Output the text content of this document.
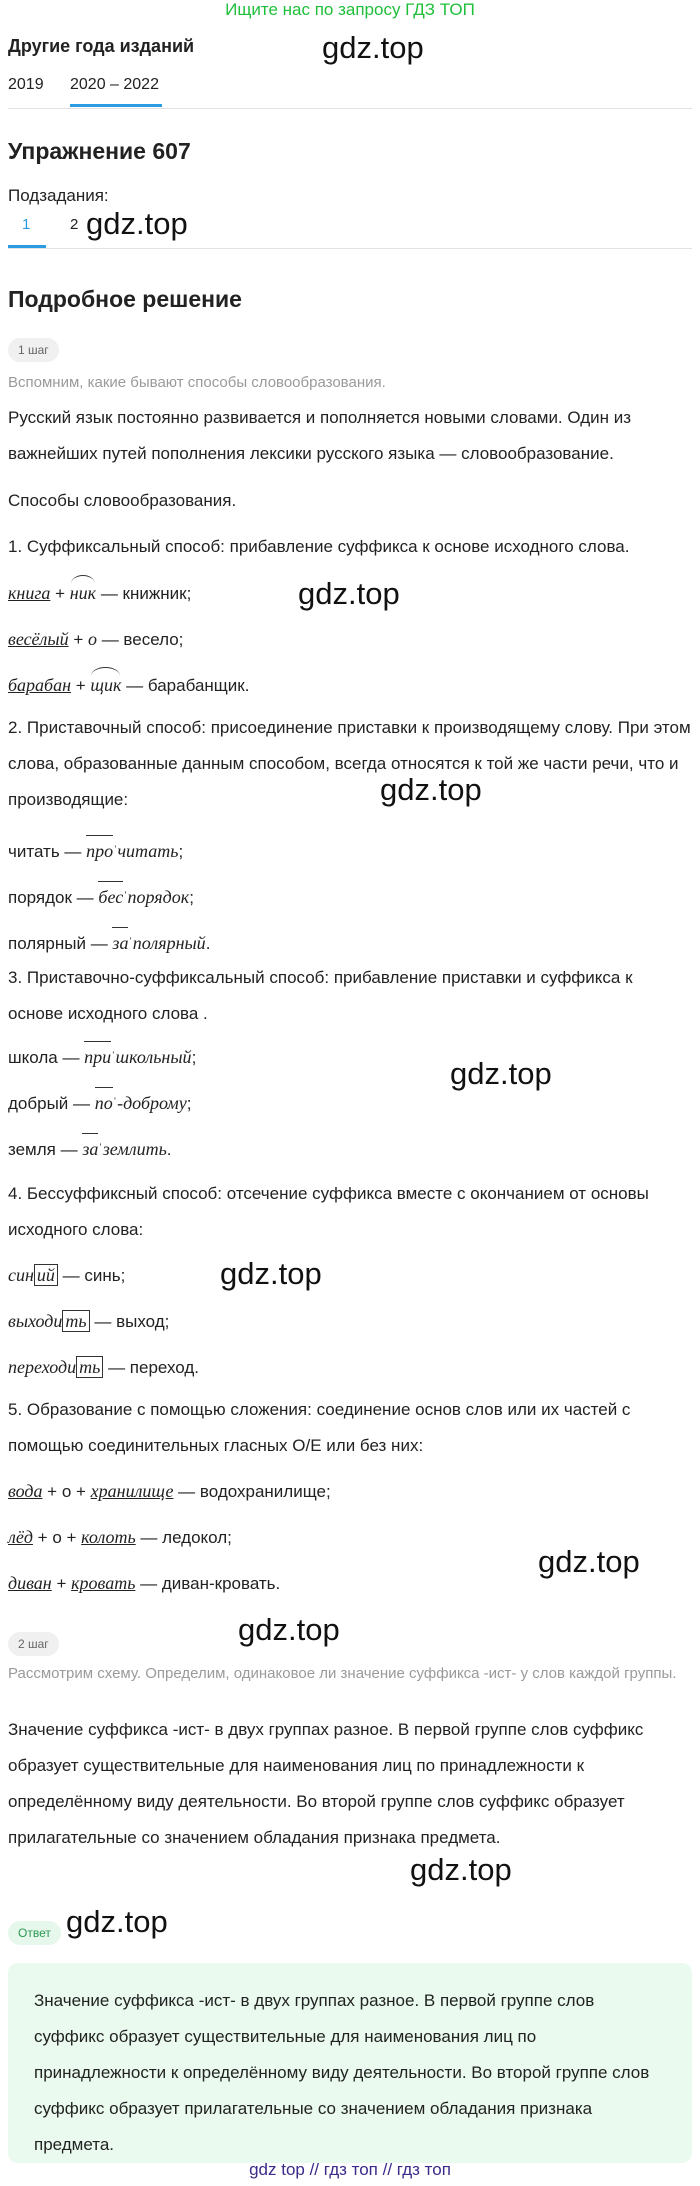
Ищите нас по запросу ГДЗ ТОП
Другие года изданий
2019 2020 – 2022
Упражнение 607
Подзадания:
1	2
Подробное решение
1 шаг
Вспомним, какие бывают способы словообразования.
Русский язык постоянно развивается и пополняется новыми словами. Один из важнейших путей пополнения лексики русского языка — словообразование.
Способы словообразования.
1. Суффиксальный способ: прибавление суффикса к основе исходного слова.
книга + ник — книжник;
весёлый + о — весело;
барабан + щик — барабанщик.
2. Приставочный способ: присоединение приставки к производящему слову. При этом слова, образованные данным способом, всегда относятся к той же части речи, что и производящие:
читать — про$^ˈ$читать;
порядок — бес$^ˈ$порядок;
полярный — $за^ˈполярный$.
3. Приставочно-суффиксальный способ: прибавление приставки и суффикса к основе исходного слова .
школа — при$^ˈ$школьный;
добрый — $по^ˈ$-доброму;
земля — $за^ˈземлить$.
4. Бессуффиксный способ: отсечение суффикса вместе с окончанием от основы исходного слова:
син ий — синь;
выходи ть — выход;
переходи ть — переход.
5. Образование с помощью сложения: соединение основ слов или их частей с помощью соединительных гласных О/Е или без них:
вода + о + хранилище — водохранилище;
лёд + о + колоть — ледокол;
диван + кровать — диван-кровать.
2 шаг
Рассмотрим схему. Определим, одинаковое ли значение суффикса -ист- у слов каждой группы.
Значение суффикса -ист- в двух группах разное. В первой группе слов суффикс образует существительные для наименования лиц по принадлежности к определённому виду деятельности. Во второй группе слов суффикс образует прилагательные со значением обладания признака предмета.
Ответ
Значение суффикса -ист- в двух группах разное. В первой группе слов суффикс образует существительные для наименования лиц по принадлежности к определённому виду деятельности. Во второй группе слов суффикс образует прилагательные со значением обладания признака предмета.
gdz.top
gdz.top
gdz.top
gdz.top
gdz.top
gdz.top
gdz.top
gdz.top
gdz.top
gdz.top
gdz top // гдз топ // гдз топ
